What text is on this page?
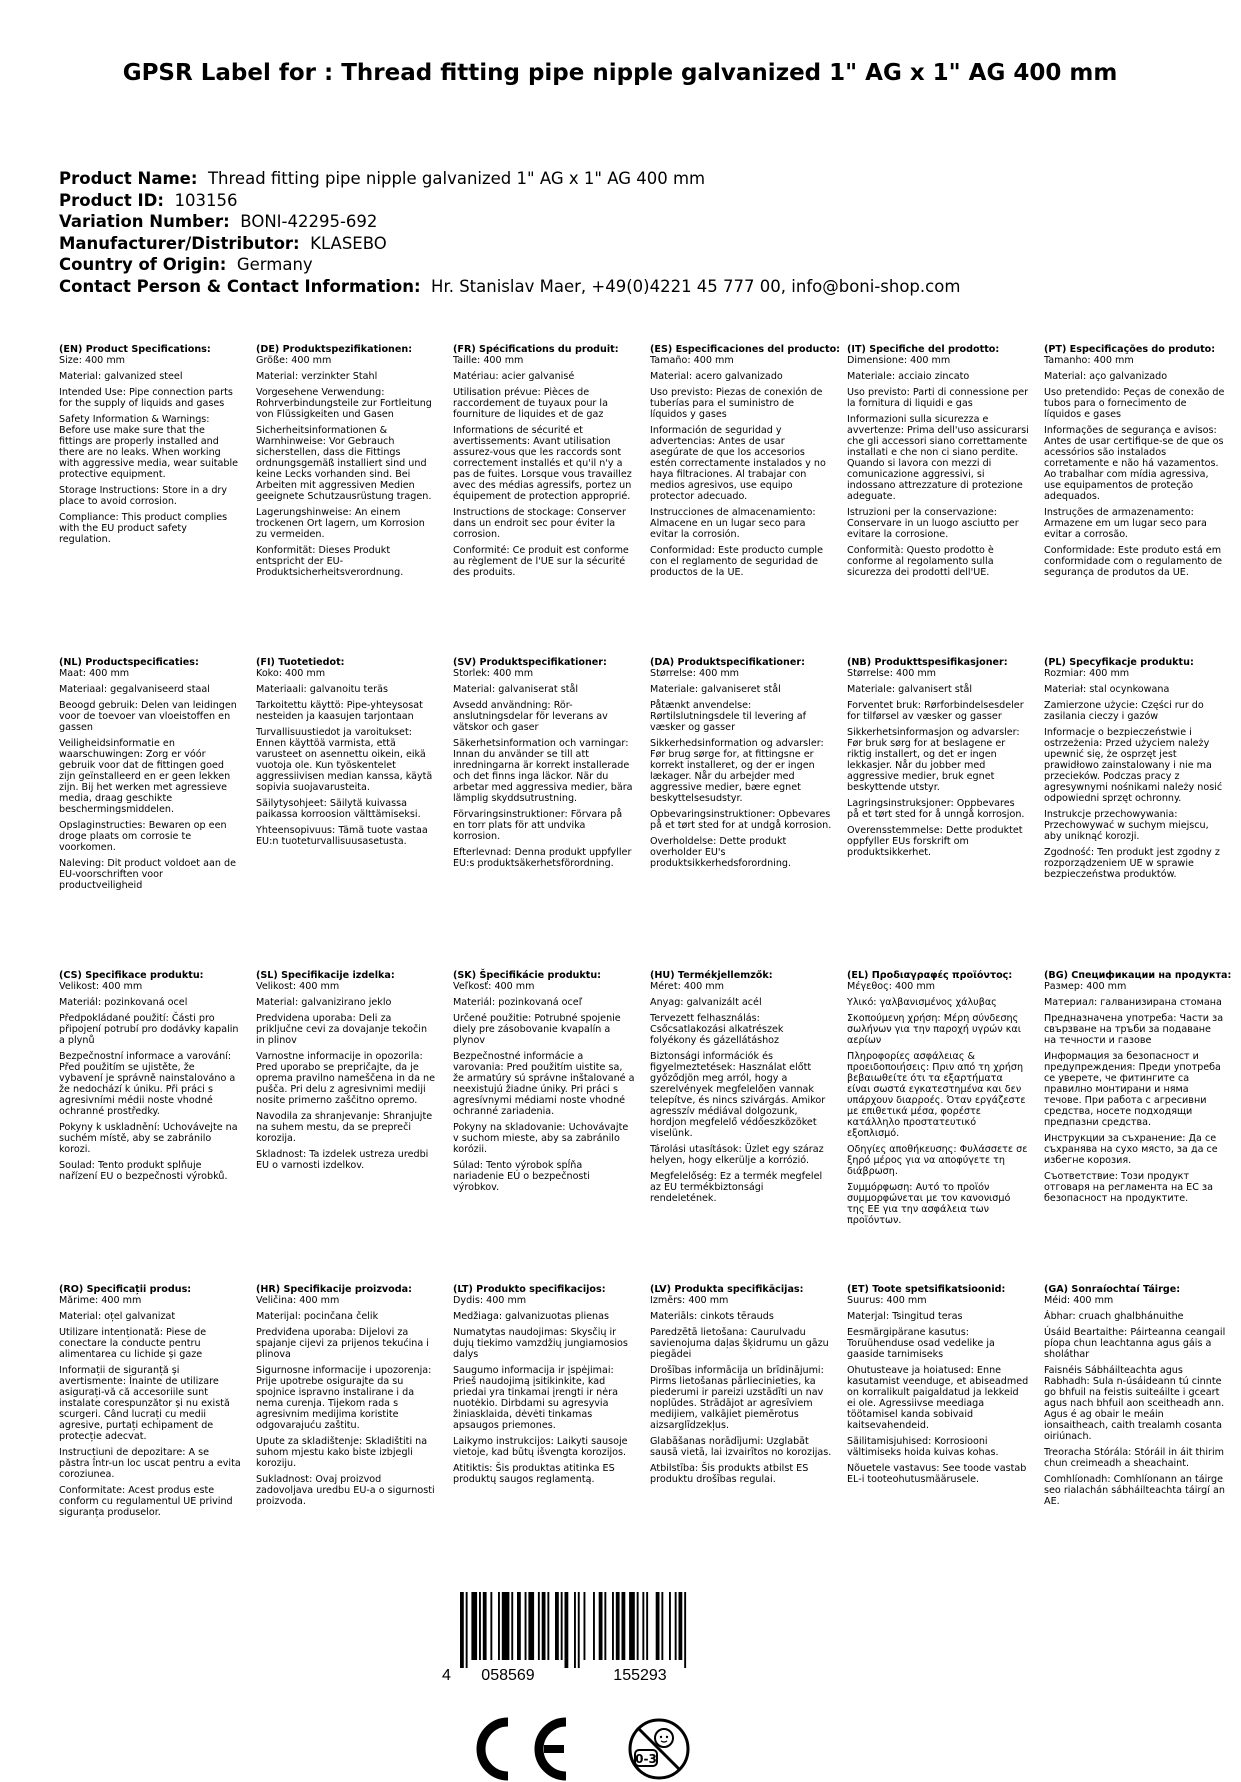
GPSR Label for : Thread fitting pipe nipple galvanized 1" AG x 1" AG 400 mm
Product Name: Thread fitting pipe nipple galvanized 1" AG x 1" AG 400 mm
Product ID: 103156
Variation Number: BONI-42295-692
Manufacturer/Distributor: KLASEBO
Country of Origin: Germany
Contact Person & Contact Information: Hr. Stanislav Maer, +49(0)4221 45 777 00, info@boni-shop.com
(EN) Product Specifications:
Size: 400 mm
Material: galvanized steel
Intended Use: Pipe connection parts for the supply of liquids and gases
Safety Information & Warnings: Before use make sure that the fittings are properly installed and there are no leaks. When working with aggressive media, wear suitable protective equipment.
Storage Instructions: Store in a dry place to avoid corrosion.
Compliance: This product complies with the EU product safety regulation.
(DE) Produktspezifikationen:
Größe: 400 mm
Material: verzinkter Stahl
Vorgesehene Verwendung: Rohrverbindungsteile zur Fortleitung von Flüssigkeiten und Gasen
Sicherheitsinformationen & Warnhinweise: Vor Gebrauch sicherstellen, dass die Fittings ordnungsgemäß installiert sind und keine Lecks vorhanden sind. Bei Arbeiten mit aggressiven Medien geeignete Schutzausrüstung tragen.
Lagerungshinweise: An einem trockenen Ort lagern, um Korrosion zu vermeiden.
Konformität: Dieses Produkt entspricht der EU-Produktsicherheitsverordnung.
(FR) Spécifications du produit:
Taille: 400 mm
Matériau: acier galvanisé
Utilisation prévue: Pièces de raccordement de tuyaux pour la fourniture de liquides et de gaz
Informations de sécurité et avertissements: Avant utilisation assurez-vous que les raccords sont correctement installés et qu'il n'y a pas de fuites. Lorsque vous travaillez avec des médias agressifs, portez un équipement de protection approprié.
Instructions de stockage: Conserver dans un endroit sec pour éviter la corrosion.
Conformité: Ce produit est conforme au règlement de l'UE sur la sécurité des produits.
(ES) Especificaciones del producto:
Tamaño: 400 mm
Material: acero galvanizado
Uso previsto: Piezas de conexión de tuberías para el suministro de líquidos y gases
Información de seguridad y advertencias: Antes de usar asegúrate de que los accesorios estén correctamente instalados y no haya filtraciones. Al trabajar con medios agresivos, use equipo protector adecuado.
Instrucciones de almacenamiento: Almacene en un lugar seco para evitar la corrosión.
Conformidad: Este producto cumple con el reglamento de seguridad de productos de la UE.
(IT) Specifiche del prodotto:
Dimensione: 400 mm
Materiale: acciaio zincato
Uso previsto: Parti di connessione per la fornitura di liquidi e gas
Informazioni sulla sicurezza e avvertenze: Prima dell'uso assicurarsi che gli accessori siano correttamente installati e che non ci siano perdite. Quando si lavora con mezzi di comunicazione aggressivi, si indossano attrezzature di protezione adeguate.
Istruzioni per la conservazione: Conservare in un luogo asciutto per evitare la corrosione.
Conformità: Questo prodotto è conforme al regolamento sulla sicurezza dei prodotti dell'UE.
(PT) Especificações do produto:
Tamanho: 400 mm
Material: aço galvanizado
Uso pretendido: Peças de conexão de tubos para o fornecimento de líquidos e gases
Informações de segurança e avisos: Antes de usar certifique-se de que os acessórios são instalados corretamente e não há vazamentos. Ao trabalhar com mídia agressiva, use equipamentos de proteção adequados.
Instruções de armazenamento: Armazene em um lugar seco para evitar a corrosão.
Conformidade: Este produto está em conformidade com o regulamento de segurança de produtos da UE.
(NL) Productspecificaties:
Maat: 400 mm
Materiaal: gegalvaniseerd staal
Beoogd gebruik: Delen van leidingen voor de toevoer van vloeistoffen en gassen
Veiligheidsinformatie en waarschuwingen: Zorg er vóór gebruik voor dat de fittingen goed zijn geïnstalleerd en er geen lekken zijn. Bij het werken met agressieve media, draag geschikte beschermingsmiddelen.
Opslaginstructies: Bewaren op een droge plaats om corrosie te voorkomen.
Naleving: Dit product voldoet aan de EU-voorschriften voor productveiligheid
(FI) Tuotetiedot:
Koko: 400 mm
Materiaali: galvanoitu teräs
Tarkoitettu käyttö: Pipe-yhteysosat nesteiden ja kaasujen tarjontaan
Turvallisuustiedot ja varoitukset: Ennen käyttöä varmista, että varusteet on asennettu oikein, eikä vuotoja ole. Kun työskentelet aggressiivisen median kanssa, käytä sopivia suojavarusteita.
Säilytysohjeet: Säilytä kuivassa paikassa korroosion välttämiseksi.
Yhteensopivuus: Tämä tuote vastaa EU:n tuoteturvallisuusasetusta.
(SV) Produktspecifikationer:
Storlek: 400 mm
Material: galvaniserat stål
Avsedd användning: Rör-anslutningsdelar för leverans av vätskor och gaser
Säkerhetsinformation och varningar: Innan du använder se till att inredningarna är korrekt installerade och det finns inga läckor. När du arbetar med aggressiva medier, bära lämplig skyddsutrustning.
Förvaringsinstruktioner: Förvara på en torr plats för att undvika korrosion.
Efterlevnad: Denna produkt uppfyller EU:s produktsäkerhetsförordning.
(DA) Produktspecifikationer:
Størrelse: 400 mm
Materiale: galvaniseret stål
Påtænkt anvendelse: Rørtilslutningsdele til levering af væsker og gasser
Sikkerhedsinformation og advarsler: Før brug sørge for, at fittingsne er korrekt installeret, og der er ingen lækager. Når du arbejder med aggressive medier, bære egnet beskyttelsesudstyr.
Opbevaringsinstruktioner: Opbevares på et tørt sted for at undgå korrosion.
Overholdelse: Dette produkt overholder EU's produktsikkerhedsforordning.
(NB) Produkttspesifikasjoner:
Størrelse: 400 mm
Materiale: galvanisert stål
Forventet bruk: Rørforbindelsesdeler for tilførsel av væsker og gasser
Sikkerhetsinformasjon og advarsler: Før bruk sørg for at beslagene er riktig installert, og det er ingen lekkasjer. Når du jobber med aggressive medier, bruk egnet beskyttende utstyr.
Lagringsinstruksjoner: Oppbevares på et tørt sted for å unngå korrosjon.
Overensstemmelse: Dette produktet oppfyller EUs forskrift om produktsikkerhet.
(PL) Specyfikacje produktu:
Rozmiar: 400 mm
Materiał: stal ocynkowana
Zamierzone użycie: Części rur do zasilania cieczy i gazów
Informacje o bezpieczeństwie i ostrzeżenia: Przed użyciem należy upewnić się, że osprzęt jest prawidłowo zainstalowany i nie ma przecieków. Podczas pracy z agresywnymi nośnikami należy nosić odpowiedni sprzęt ochronny.
Instrukcje przechowywania: Przechowywać w suchym miejscu, aby uniknąć korozji.
Zgodność: Ten produkt jest zgodny z rozporządzeniem UE w sprawie bezpieczeństwa produktów.
(CS) Specifikace produktu:
Velikost: 400 mm
Materiál: pozinkovaná ocel
Předpokládané použití: Části pro připojení potrubí pro dodávky kapalin a plynů
Bezpečnostní informace a varování: Před použitím se ujistěte, že vybavení je správně nainstalováno a že nedochází k úniku. Při práci s agresivními médii noste vhodné ochranné prostředky.
Pokyny k uskladnění: Uchovávejte na suchém místě, aby se zabránilo korozi.
Soulad: Tento produkt splňuje nařízení EU o bezpečnosti výrobků.
(SL) Specifikacije izdelka:
Velikost: 400 mm
Material: galvanizirano jeklo
Predvidena uporaba: Deli za priključne cevi za dovajanje tekočin in plinov
Varnostne informacije in opozorila: Pred uporabo se prepričajte, da je oprema pravilno nameščena in da ne pušča. Pri delu z agresivnimi mediji nosite primerno zaščitno opremo.
Navodila za shranjevanje: Shranjujte na suhem mestu, da se prepreči korozija.
Skladnost: Ta izdelek ustreza uredbi EU o varnosti izdelkov.
(SK) Špecifikácie produktu:
Veľkosť: 400 mm
Materiál: pozinkovaná oceľ
Určené použitie: Potrubné spojenie diely pre zásobovanie kvapalín a plynov
Bezpečnostné informácie a varovania: Pred použitím uistite sa, že armatúry sú správne inštalované a neexistujú žiadne úniky. Pri práci s agresívnymi médiami noste vhodné ochranné zariadenia.
Pokyny na skladovanie: Uchovávajte v suchom mieste, aby sa zabránilo korózii.
Súlad: Tento výrobok spĺňa nariadenie EÚ o bezpečnosti výrobkov.
(HU) Termékjellemzők:
Méret: 400 mm
Anyag: galvanizált acél
Tervezett felhasználás: Csőcsatlakozási alkatrészek folyékony és gázellátáshoz
Biztonsági információk és figyelmeztetések: Használat előtt győződjön meg arról, hogy a szerelvények megfelelően vannak telepítve, és nincs szivárgás. Amikor agresszív médiával dolgozunk, hordjon megfelelő védőeszközöket viselünk.
Tárolási utasítások: Üzlet egy száraz helyen, hogy elkerülje a korrózió.
Megfelelőség: Ez a termék megfelel az EU termékbiztonsági rendeletének.
(EL) Προδιαγραφές προϊόντος:
Μέγεθος: 400 mm
Υλικό: γαλβανισμένος χάλυβας
Σκοπούμενη χρήση: Μέρη σύνδεσης σωλήνων για την παροχή υγρών και αερίων
Πληροφορίες ασφάλειας & προειδοποιήσεις: Πριν από τη χρήση βεβαιωθείτε ότι τα εξαρτήματα είναι σωστά εγκατεστημένα και δεν υπάρχουν διαρροές. Όταν εργάζεστε με επιθετικά μέσα, φορέστε κατάλληλο προστατευτικό εξοπλισμό.
Οδηγίες αποθήκευσης: Φυλάσσετε σε ξηρό μέρος για να αποφύγετε τη διάβρωση.
Συμμόρφωση: Αυτό το προϊόν συμμορφώνεται με τον κανονισμό της ΕΕ για την ασφάλεια των προϊόντων.
(BG) Спецификации на продукта:
Размер: 400 mm
Материал: галванизирана стомана
Предназначена употреба: Части за свързване на тръби за подаване на течности и газове
Информация за безопасност и предупреждения: Преди употреба се уверете, че фитингите са правилно монтирани и няма течове. При работа с агресивни средства, носете подходящи предпазни средства.
Инструкции за съхранение: Да се съхранява на сухо място, за да се избегне корозия.
Съответствие: Този продукт отговаря на регламента на ЕС за безопасност на продуктите.
(RO) Specificații produs:
Mărime: 400 mm
Material: oțel galvanizat
Utilizare intenționată: Piese de conectare la conducte pentru alimentarea cu lichide și gaze
Informații de siguranță și avertismente: Înainte de utilizare asigurați-vă că accesoriile sunt instalate corespunzător și nu există scurgeri. Când lucrați cu medii agresive, purtați echipament de protecție adecvat.
Instrucțiuni de depozitare: A se păstra într-un loc uscat pentru a evita coroziunea.
Conformitate: Acest produs este conform cu regulamentul UE privind siguranța produselor.
(HR) Specifikacije proizvoda:
Veličina: 400 mm
Materijal: pocinčana čelik
Predviđena uporaba: Dijelovi za spajanje cijevi za prijenos tekućina i plinova
Sigurnosne informacije i upozorenja: Prije upotrebe osigurajte da su spojnice ispravno instalirane i da nema curenja. Tijekom rada s agresivnim medijima koristite odgovarajuću zaštitu.
Upute za skladištenje: Skladištiti na suhom mjestu kako biste izbjegli koroziju.
Sukladnost: Ovaj proizvod zadovoljava uredbu EU-a o sigurnosti proizvoda.
(LT) Produkto specifikacijos:
Dydis: 400 mm
Medžiaga: galvanizuotas plienas
Numatytas naudojimas: Skysčių ir dujų tiekimo vamzdžių jungiamosios dalys
Saugumo informacija ir įspėjimai: Prieš naudojimą įsitikinkite, kad priedai yra tinkamai įrengti ir nėra nuotėkio. Dirbdami su agresyvia žiniasklaida, dėvėti tinkamas apsaugos priemones.
Laikymo instrukcijos: Laikyti sausoje vietoje, kad būtų išvengta korozijos.
Atitiktis: Šis produktas atitinka ES produktų saugos reglamentą.
(LV) Produkta specifikācijas:
Izmērs: 400 mm
Materiāls: cinkots tērauds
Paredzētā lietošana: Caurulvadu savienojuma daļas šķidrumu un gāzu piegādei
Drošības informācija un brīdinājumi: Pirms lietošanas pārliecinieties, ka piederumi ir pareizi uzstādīti un nav noplūdes. Strādājot ar agresīviem medijiem, valkājiet piemērotus aizsarglīdzekļus.
Glabāšanas norādījumi: Uzglabāt sausā vietā, lai izvairītos no korozijas.
Atbilstība: Šis produkts atbilst ES produktu drošības regulai.
(ET) Toote spetsifikatsioonid:
Suurus: 400 mm
Materjal: Tsingitud teras
Eesmärgipärane kasutus: Toruühenduse osad vedelike ja gaaside tarnimiseks
Ohutusteave ja hoiatused: Enne kasutamist veenduge, et abiseadmed on korralikult paigaldatud ja lekkeid ei ole. Agressiivse meediaga töötamisel kanda sobivaid kaitsevahendeid.
Säilitamisjuhised: Korrosiooni vältimiseks hoida kuivas kohas.
Nõuetele vastavus: See toode vastab EL-i tooteohutusmäärusele.
(GA) Sonraíochtaí Táirge:
Méid: 400 mm
Ábhar: cruach ghalbhánuithe
Úsáid Beartaithe: Páirteanna ceangail píopa chun leachtanna agus gáis a sholáthar
Faisnéis Sábháilteachta agus Rabhadh: Sula n-úsáideann tú cinnte go bhfuil na feistis suiteáilte i gceart agus nach bhfuil aon sceitheadh ann. Agus é ag obair le meáin ionsaitheach, caith trealamh cosanta oiriúnach.
Treoracha Stórála: Stóráil in áit thirim chun creimeadh a sheachaint.
Comhlíonadh: Comhlíonann an táirge seo rialachán sábháilteachta táirgí an AE.
4 058569	155293
0-3
